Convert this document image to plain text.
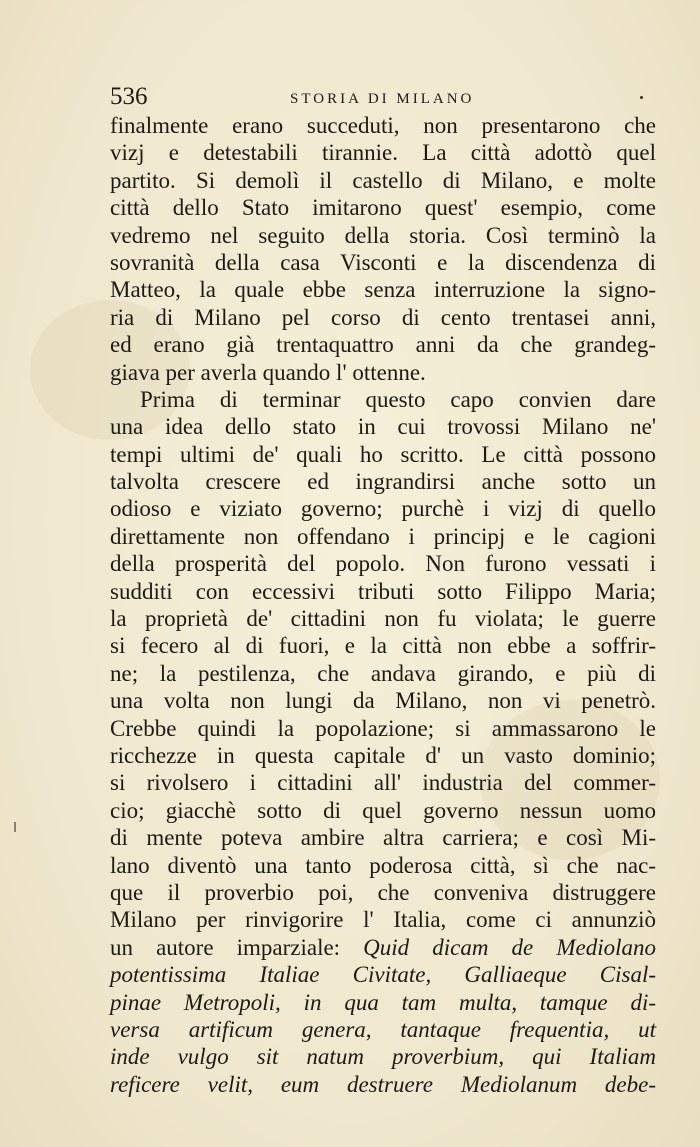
536	STORIA DI MILANO
finalmente erano succeduti, non presentarono che
vizj e detestabili tirannie. La città adottò quel
partito. Si demolì il castello di Milano, e molte
città dello Stato imitarono quest' esempio, come
vedremo nel seguito della storia. Così terminò la
sovranità della casa Visconti e la discendenza di
Matteo, la quale ebbe senza interruzione la signo-
ria di Milano pel corso di cento trentasei anni,
ed erano già trentaquattro anni da che grandeg-
giava per averla quando l' ottenne.
Prima di terminar questo capo convien dare
una idea dello stato in cui trovossi Milano ne'
tempi ultimi de' quali ho scritto. Le città possono
talvolta crescere ed ingrandirsi anche sotto un
odioso e viziato governo; purchè i vizj di quello
direttamente non offendano i principj e le cagioni
della prosperità del popolo. Non furono vessati i
sudditi con eccessivi tributi sotto Filippo Maria;
la proprietà de' cittadini non fu violata; le guerre
si fecero al di fuori, e la città non ebbe a soffrir-
ne; la pestilenza, che andava girando, e più di
una volta non lungi da Milano, non vi penetrò.
Crebbe quindi la popolazione; si ammassarono le
ricchezze in questa capitale d' un vasto dominio;
si rivolsero i cittadini all' industria del commer-
cio; giacchè sotto di quel governo nessun uomo
di mente poteva ambire altra carriera; e così Mi-
lano diventò una tanto poderosa città, sì che nac-
que il proverbio poi, che conveniva distruggere
Milano per rinvigorire l' Italia, come ci annunziò
un autore imparziale: Quid dicam de Mediolano
potentissima Italiae Civitate, Galliaeque Cisal-
pinae Metropoli, in qua tam multa, tamque di-
versa artificum genera, tantaque frequentia, ut
inde vulgo sit natum proverbium, qui Italiam
reficere velit, eum destruere Mediolanum debe-
